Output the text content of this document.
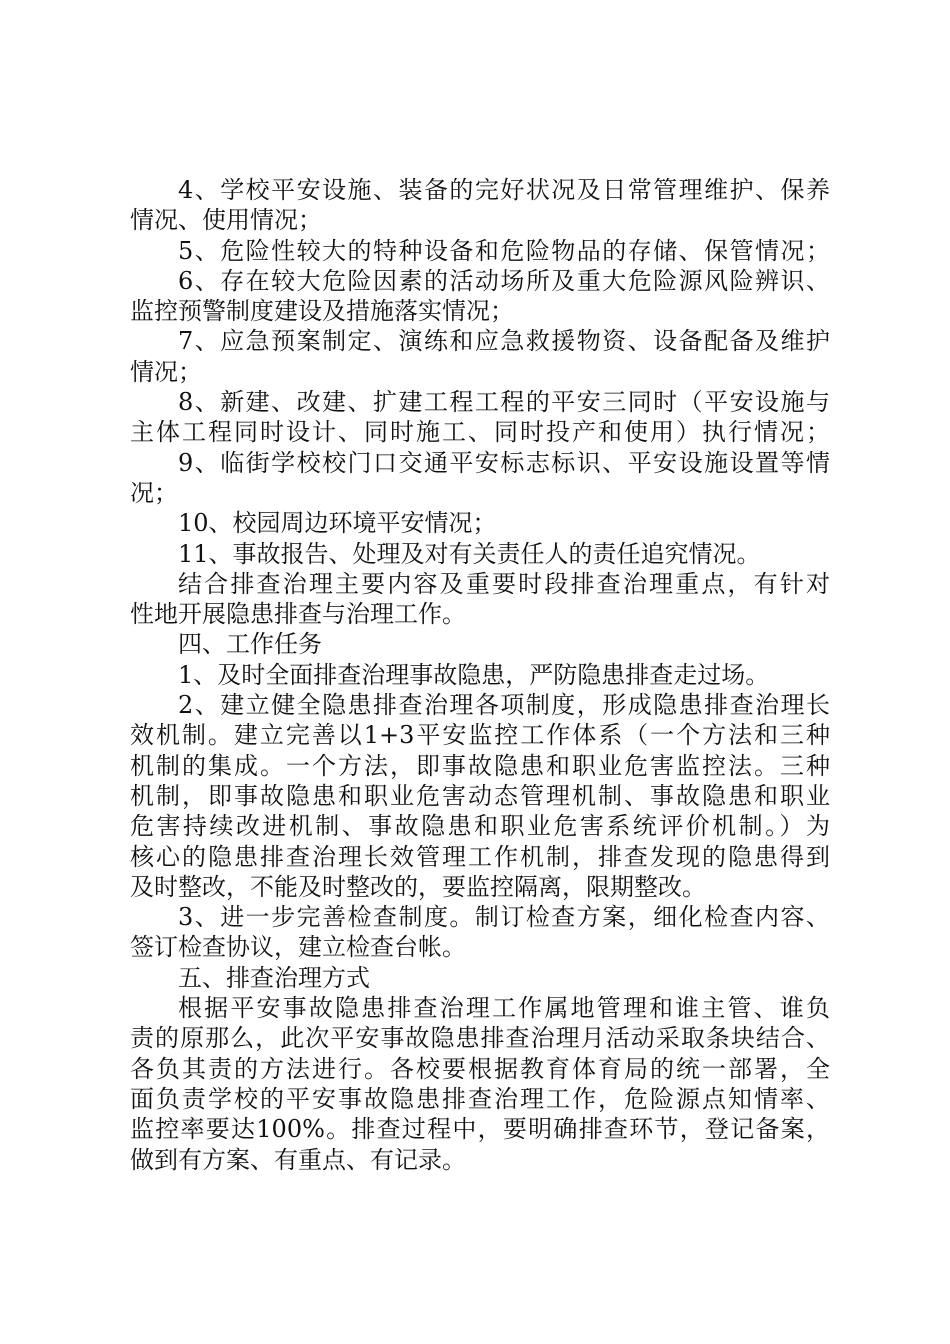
4、学校平安设施、装备的完好状况及日常管理维护、保养
情况、使用情况；
5、危险性较大的特种设备和危险物品的存储、保管情况；
6、存在较大危险因素的活动场所及重大危险源风险辨识、
监控预警制度建设及措施落实情况；
7、应急预案制定、演练和应急救援物资、设备配备及维护
情况；
8、新建、改建、扩建工程工程的平安三同时（平安设施与
主体工程同时设计、同时施工、同时投产和使用）执行情况；
9、临街学校校门口交通平安标志标识、平安设施设置等情
况；
10、校园周边环境平安情况；
11、事故报告、处理及对有关责任人的责任追究情况。
结合排查治理主要内容及重要时段排查治理重点，有针对
性地开展隐患排查与治理工作。
四、工作任务
1、及时全面排查治理事故隐患，严防隐患排查走过场。
2、建立健全隐患排查治理各项制度，形成隐患排查治理长
效机制。建立完善以1+3平安监控工作体系（一个方法和三种
机制的集成。一个方法，即事故隐患和职业危害监控法。三种
机制，即事故隐患和职业危害动态管理机制、事故隐患和职业
危害持续改进机制、事故隐患和职业危害系统评价机制。）为
核心的隐患排查治理长效管理工作机制，排查发现的隐患得到
及时整改，不能及时整改的，要监控隔离，限期整改。
3、进一步完善检查制度。制订检查方案，细化检查内容、
签订检查协议，建立检查台帐。
五、排查治理方式
根据平安事故隐患排查治理工作属地管理和谁主管、谁负
责的原那么，此次平安事故隐患排查治理月活动采取条块结合、
各负其责的方法进行。各校要根据教育体育局的统一部署，全
面负责学校的平安事故隐患排查治理工作，危险源点知情率、
监控率要达100%。排查过程中，要明确排查环节，登记备案，
做到有方案、有重点、有记录。
